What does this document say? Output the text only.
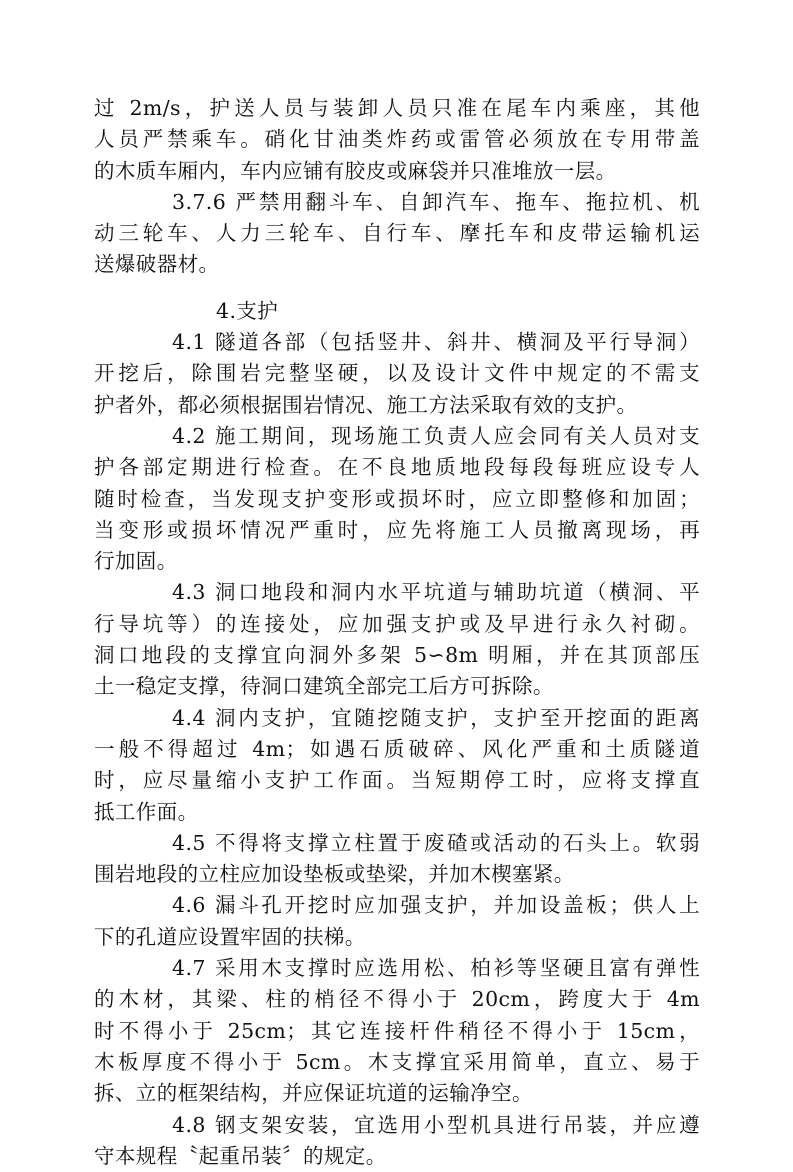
过 2m/s，护送人员与装卸人员只准在尾车内乘座，其他
人员严禁乘车。硝化甘油类炸药或雷管必须放在专用带盖
的木质车厢内，车内应铺有胶皮或麻袋并只准堆放一层。
3.7.6 严禁用翻斗车、自卸汽车、拖车、拖拉机、机
动三轮车、人力三轮车、自行车、摩托车和皮带运输机运
送爆破器材。
4.支护
4.1 隧道各部（包括竖井、斜井、横洞及平行导洞）
开挖后，除围岩完整坚硬，以及设计文件中规定的不需支
护者外，都必须根据围岩情况、施工方法采取有效的支护。
4.2 施工期间，现场施工负责人应会同有关人员对支
护各部定期进行检查。在不良地质地段每段每班应设专人
随时检查，当发现支护变形或损坏时，应立即整修和加固；
当变形或损坏情况严重时，应先将施工人员撤离现场，再
行加固。
4.3 洞口地段和洞内水平坑道与辅助坑道（横洞、平
行导坑等）的连接处，应加强支护或及早进行永久衬砌。
洞口地段的支撑宜向洞外多架 5∽8m 明厢，并在其顶部压
土一稳定支撑，待洞口建筑全部完工后方可拆除。
4.4 洞内支护，宜随挖随支护，支护至开挖面的距离
一般不得超过 4m；如遇石质破碎、风化严重和土质隧道
时，应尽量缩小支护工作面。当短期停工时，应将支撑直
抵工作面。
4.5 不得将支撑立柱置于废碴或活动的石头上。软弱
围岩地段的立柱应加设垫板或垫梁，并加木楔塞紧。
4.6 漏斗孔开挖时应加强支护，并加设盖板；供人上
下的孔道应设置牢固的扶梯。
4.7 采用木支撑时应选用松、柏衫等坚硬且富有弹性
的木材，其梁、柱的梢径不得小于 20cm，跨度大于 4m
时不得小于 25cm；其它连接杆件稍径不得小于 15cm，
木板厚度不得小于 5cm。木支撑宜采用简单，直立、易于
拆、立的框架结构，并应保证坑道的运输净空。
4.8 钢支架安装，宜选用小型机具进行吊装，并应遵
守本规程〝起重吊装〞的规定。
